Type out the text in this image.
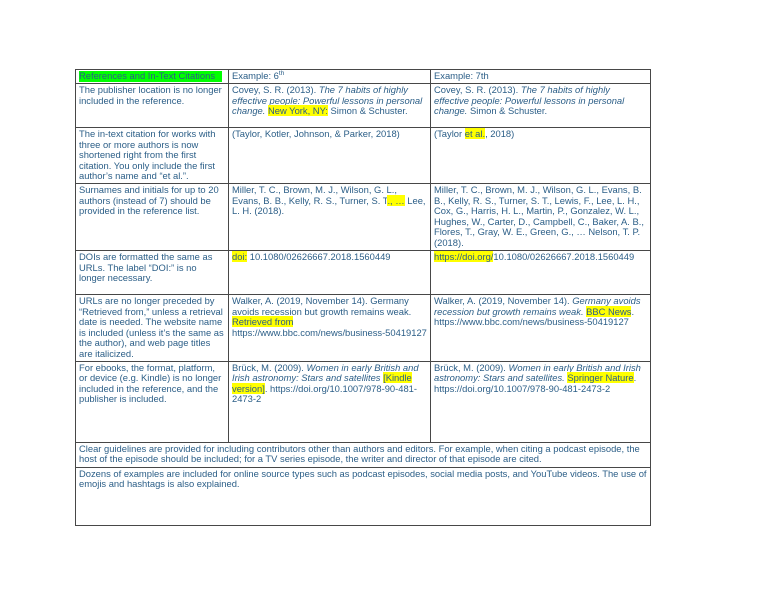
References and In-Text Citations	Example: 6th	Example: 7th
The publisher location is no longer included in the reference.	Covey, S. R. (2013). The 7 habits of highly effective people: Powerful lessons in personal change. New York, NY: Simon & Schuster.	Covey, S. R. (2013). The 7 habits of highly effective people: Powerful lessons in personal change. Simon & Schuster.
The in-text citation for works with three or more authors is now shortened right from the first citation. You only include the first author’s name and “et al.”.	(Taylor, Kotler, Johnson, & Parker, 2018)	(Taylor et al., 2018)
Surnames and initials for up to 20 authors (instead of 7) should be provided in the reference list.	Miller, T. C., Brown, M. J., Wilson, G. L., Evans, B. B., Kelly, R. S., Turner, S. T., … Lee, L. H. (2018).	Miller, T. C., Brown, M. J., Wilson, G. L., Evans, B. B., Kelly, R. S., Turner, S. T., Lewis, F., Lee, L. H., Cox, G., Harris, H. L., Martin, P., Gonzalez, W. L., Hughes, W., Carter, D., Campbell, C., Baker, A. B., Flores, T., Gray, W. E., Green, G., … Nelson, T. P. (2018).
DOIs are formatted the same as URLs. The label “DOI:” is no longer necessary.	doi: 10.1080/02626667.2018.1560449	https://doi.org/10.1080/02626667.2018.1560449
URLs are no longer preceded by “Retrieved from,” unless a retrieval date is needed. The website name is included (unless it’s the same as the author), and web page titles are italicized.	Walker, A. (2019, November 14). Germany avoids recession but growth remains weak. Retrieved from https://www.bbc.com/news/business-50419127	Walker, A. (2019, November 14). Germany avoids recession but growth remains weak. BBC News. https://www.bbc.com/news/business-50419127
For ebooks, the format, platform, or device (e.g. Kindle) is no longer included in the reference, and the publisher is included.	Brück, M. (2009). Women in early British and Irish astronomy: Stars and satellites [Kindle version]. https://doi.org/10.1007/978-90-481-2473-2	Brück, M. (2009). Women in early British and Irish astronomy: Stars and satellites. Springer Nature. https://doi.org/10.1007/978-90-481-2473-2
Clear guidelines are provided for including contributors other than authors and editors. For example, when citing a podcast episode, the host of the episode should be included; for a TV series episode, the writer and director of that episode are cited.		
Dozens of examples are included for online source types such as podcast episodes, social media posts, and YouTube videos. The use of emojis and hashtags is also explained.		
